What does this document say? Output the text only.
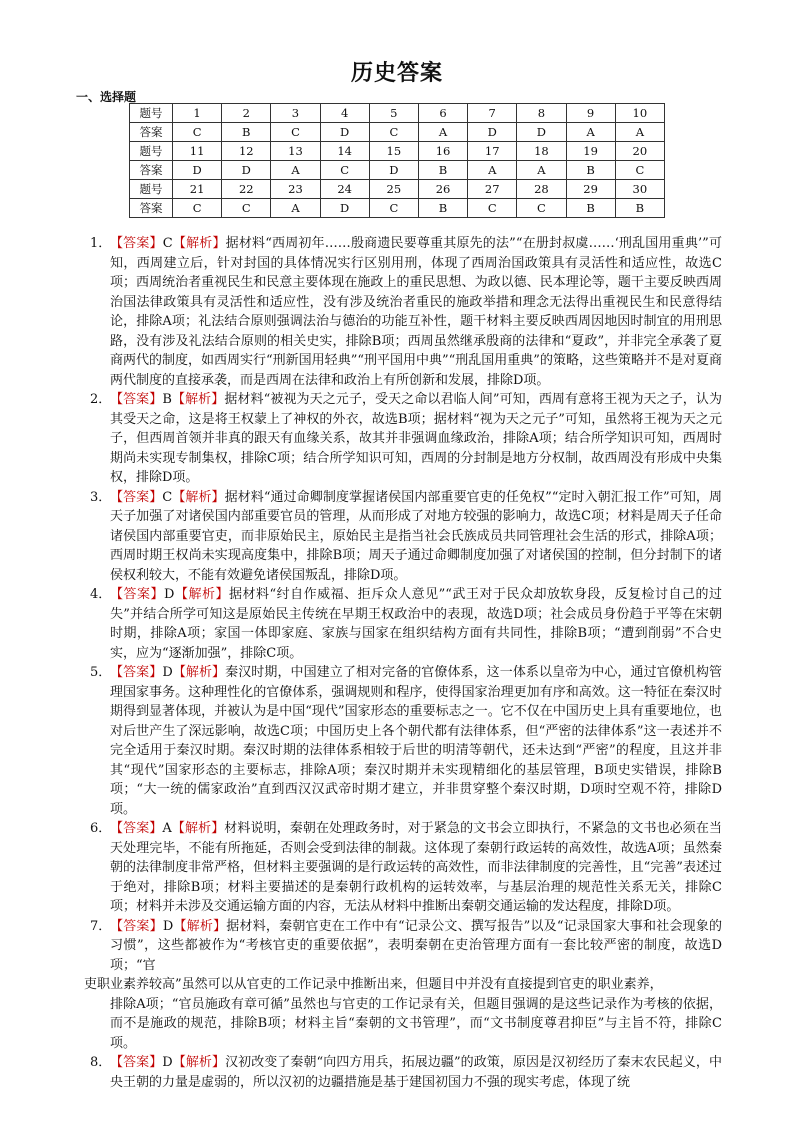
历史答案
一、选择题
题号	1	2	3	4	5	6	7	8	9	10
答案	C	B	C	D	C	A	D	D	A	A
题号	11	12	13	14	15	16	17	18	19	20
答案	D	D	A	C	D	B	A	A	B	C
题号	21	22	23	24	25	26	27	28	29	30
答案	C	C	A	D	C	B	C	C	B	B
1．
【答案】C【解析】据材料“西周初年……殷商遗民要尊重其原先的法”“在册封叔虞……‘刑乱国用重典’”可知，西周建立后，针对封国的具体情况实行区别用刑，体现了西周治国政策具有灵活性和适应性，故选C项；西周统治者重视民生和民意主要体现在施政上的重民思想、为政以德、民本理论等，题干主要反映西周治国法律政策具有灵活性和适应性，没有涉及统治者重民的施政举措和理念无法得出重视民生和民意得结论，排除A项；礼法结合原则强调法治与德治的功能互补性，题干材料主要反映西周因地因时制宜的用刑思路，没有涉及礼法结合原则的相关史实，排除B项；西周虽然继承殷商的法律和“夏政”，并非完全承袭了夏商两代的制度，如西周实行“刑新国用轻典”“刑平国用中典”“刑乱国用重典”的策略，这些策略并不是对夏商两代制度的直接承袭，而是西周在法律和政治上有所创新和发展，排除D项。
2．
【答案】B【解析】据材料“被视为天之元子，受天之命以君临人间”可知，西周有意将王视为天之子，认为其受天之命，这是将王权蒙上了神权的外衣，故选B项；据材料“视为天之元子”可知，虽然将王视为天之元子，但西周首领并非真的跟天有血缘关系，故其并非强调血缘政治，排除A项；结合所学知识可知，西周时期尚未实现专制集权，排除C项；结合所学知识可知，西周的分封制是地方分权制，故西周没有形成中央集权，排除D项。
3．
【答案】C【解析】据材料“通过命卿制度掌握诸侯国内部重要官吏的任免权”“定时入朝汇报工作”可知，周天子加强了对诸侯国内部重要官员的管理，从而形成了对地方较强的影响力，故选C项；材料是周天子任命诸侯国内部重要官吏，而非原始民主，原始民主是指当社会氏族成员共同管理社会生活的形式，排除A项；西周时期王权尚未实现高度集中，排除B项；周天子通过命卿制度加强了对诸侯国的控制，但分封制下的诸侯权利较大，不能有效避免诸侯国叛乱，排除D项。
4．
【答案】D【解析】据材料“纣自作威福、拒斥众人意见”“武王对于民众却放软身段，反复检讨自己的过失”并结合所学可知这是原始民主传统在早期王权政治中的表现，故选D项；社会成员身份趋于平等在宋朝时期，排除A项；家国一体即家庭、家族与国家在组织结构方面有共同性，排除B项；“遭到削弱”不合史实，应为“逐渐加强”，排除C项。
5．
【答案】D【解析】秦汉时期，中国建立了相对完备的官僚体系，这一体系以皇帝为中心，通过官僚机构管理国家事务。这种理性化的官僚体系，强调规则和程序，使得国家治理更加有序和高效。这一特征在秦汉时期得到显著体现，并被认为是中国“现代”国家形态的重要标志之一。它不仅在中国历史上具有重要地位，也对后世产生了深远影响，故选C项；中国历史上各个朝代都有法律体系，但“严密的法律体系”这一表述并不完全适用于秦汉时期。秦汉时期的法律体系相较于后世的明清等朝代，还未达到“严密”的程度，且这并非其“现代”国家形态的主要标志，排除A项；秦汉时期并未实现精细化的基层管理，B项史实错误，排除B项；“大一统的儒家政治”直到西汉汉武帝时期才建立，并非贯穿整个秦汉时期，D项时空观不符，排除D项。
6．
【答案】A【解析】材料说明，秦朝在处理政务时，对于紧急的文书会立即执行，不紧急的文书也必须在当天处理完毕，不能有所拖延，否则会受到法律的制裁。这体现了秦朝行政运转的高效性，故选A项；虽然秦朝的法律制度非常严格，但材料主要强调的是行政运转的高效性，而非法律制度的完善性，且“完善”表述过于绝对，排除B项；材料主要描述的是秦朝行政机构的运转效率，与基层治理的规范性关系无关，排除C项；材料并未涉及交通运输方面的内容，无法从材料中推断出秦朝交通运输的发达程度，排除D项。
7．
【答案】D【解析】据材料，秦朝官吏在工作中有“记录公文、撰写报告”以及“记录国家大事和社会现象的习惯”，这些都被作为“考核官吏的重要依据”，表明秦朝在吏治管理方面有一套比较严密的制度，故选D项；“官

吏职业素养较高”虽然可以从官吏的工作记录中推断出来，但题目中并没有直接提到官吏的职业素养，

排除A项；“官员施政有章可循”虽然也与官吏的工作记录有关，但题目强调的是这些记录作为考核的依据，而不是施政的规范，排除B项；材料主旨“秦朝的文书管理”，而“文书制度尊君抑臣”与主旨不符，排除C项。

8．
【答案】D【解析】汉初改变了秦朝“向四方用兵，拓展边疆”的政策，原因是汉初经历了秦末农民起义，中央王朝的力量是虚弱的，所以汉初的边疆措施是基于建国初国力不强的现实考虑，体现了统
